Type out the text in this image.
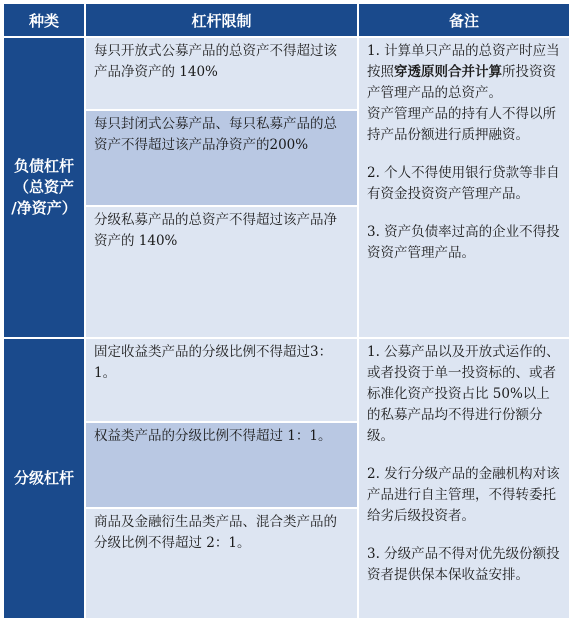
种类	杠杆限制	备注
负债杠杆
（总资产
/净资产）
每只开放式公募产品的总资产不得超过该产品净资产的 140%
每只封闭式公募产品、每只私募产品的总资产不得超过该产品净资产的200%
分级私募产品的总资产不得超过该产品净资产的 140%

1. 计算单只产品的总资产时应当按照穿透原则合并计算所投资资产管理产品的总资产。

资产管理产品的持有人不得以所持产品份额进行质押融资。

2. 个人不得使用银行贷款等非自有资金投资资产管理产品。

3. 资产负债率过高的企业不得投资资产管理产品。

分级杠杆
固定收益类产品的分级比例不得超过3：1。
权益类产品的分级比例不得超过 1：1。
商品及金融衍生品类产品、混合类产品的分级比例不得超过 2：1。

1. 公募产品以及开放式运作的、或者投资于单一投资标的、或者标准化资产投资占比 50%以上的私募产品均不得进行份额分级。

2. 发行分级产品的金融机构对该产品进行自主管理，不得转委托给劣后级投资者。

3. 分级产品不得对优先级份额投资者提供保本保收益安排。
